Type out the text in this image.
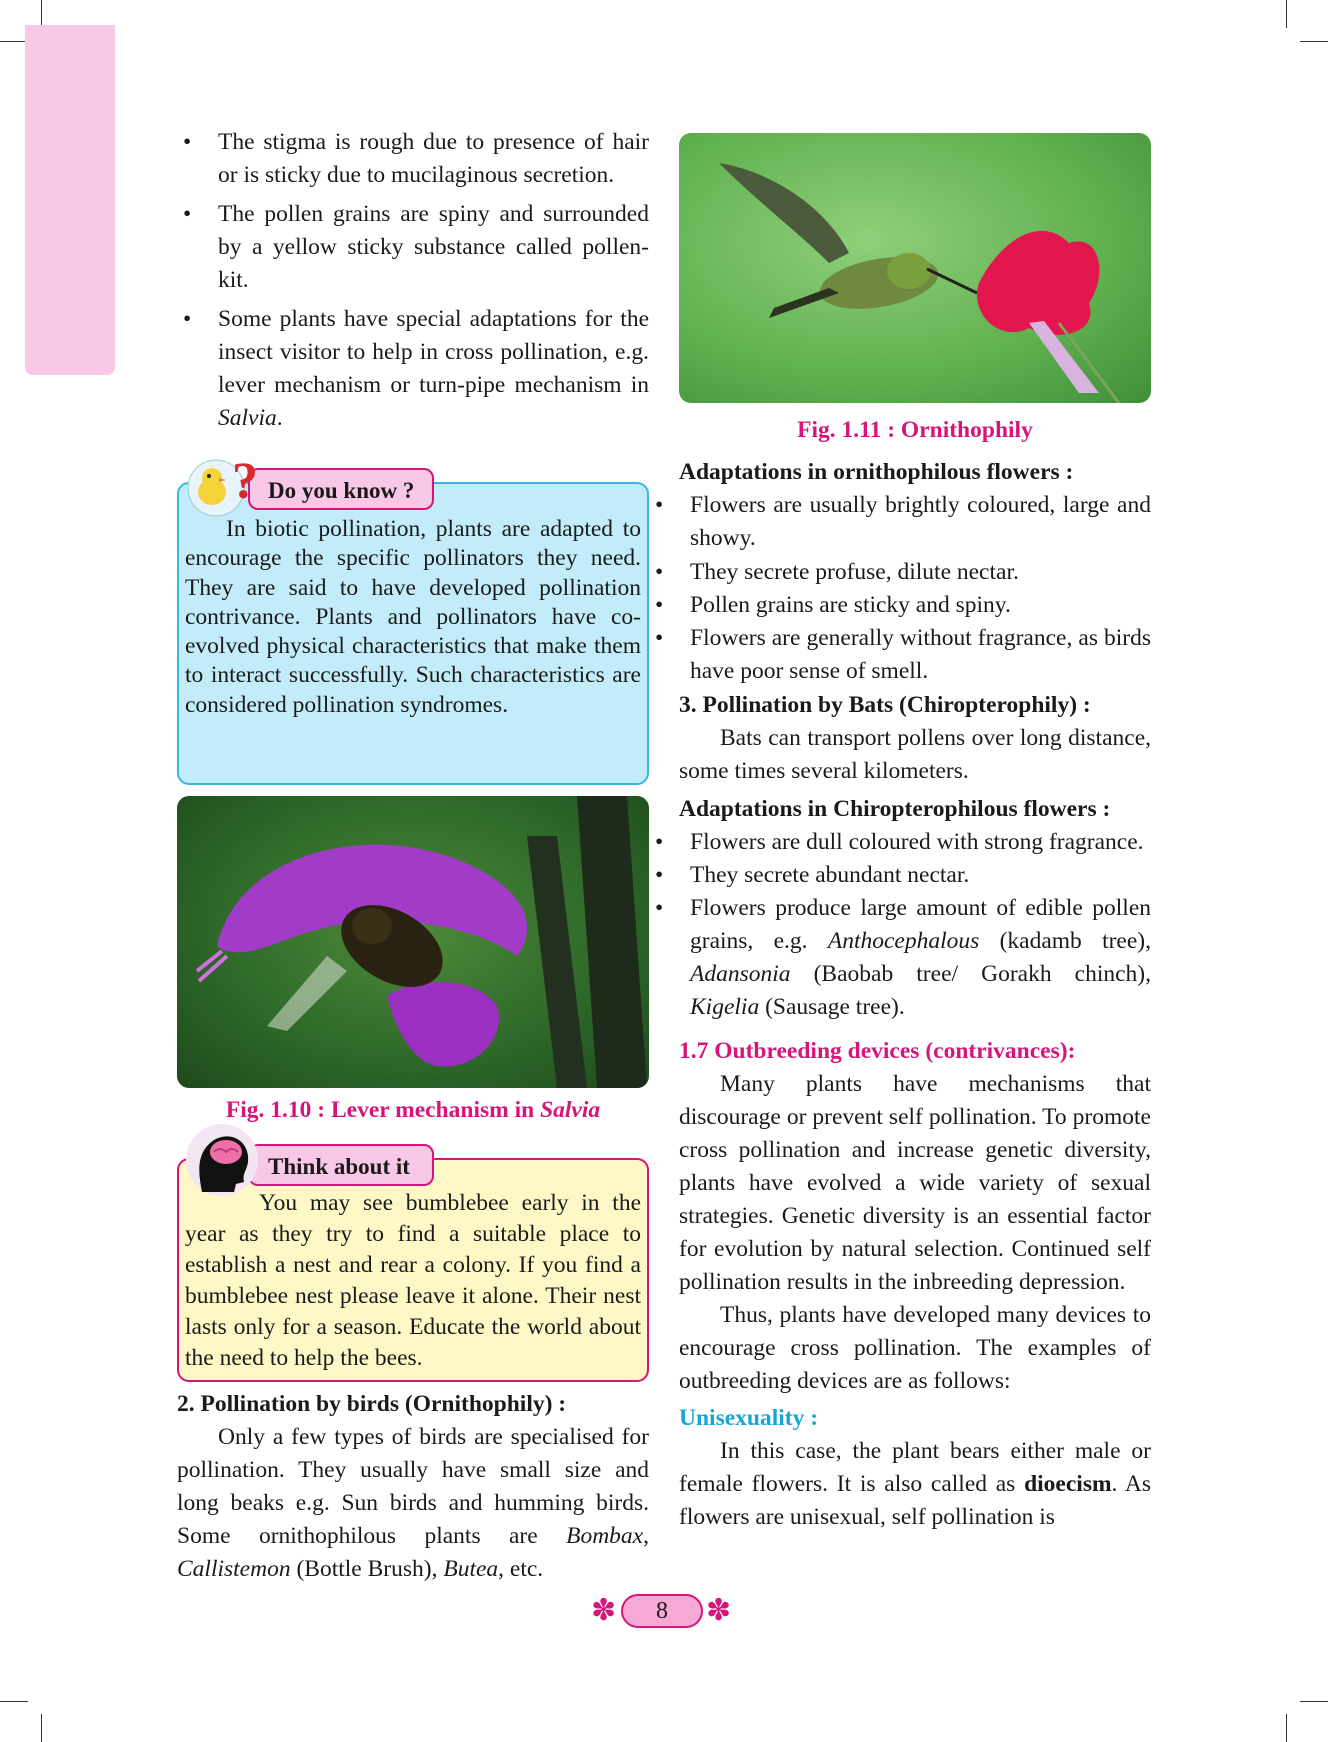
• The stigma is rough due to presence of hair or is sticky due to mucilaginous secretion.
• The pollen grains are spiny and surrounded by a yellow sticky substance called pollen-kit.
• Some plants have special adaptations for the insect visitor to help in cross pollination, e.g. lever mechanism or turn-pipe mechanism in Salvia.
Do you know ?
?

In biotic pollination, plants are adapted to encourage the specific pollinators they need. They are said to have developed pollination contrivance. Plants and pollinators have co-evolved physical characteristics that make them to interact successfully. Such characteristics are considered pollination syndromes.

Fig. 1.10 : Lever mechanism in Salvia

Think about it

You may see bumblebee early in the year as they try to find a suitable place to establish a nest and rear a colony. If you find a bumblebee nest please leave it alone. Their nest lasts only for a season. Educate the world about the need to help the bees.

2. Pollination by birds (Ornithophily) :

Only a few types of birds are specialised for pollination. They usually have small size and long beaks e.g. Sun birds and humming birds. Some ornithophilous plants are Bombax, Callistemon (Bottle Brush), Butea, etc.

Fig. 1.11 : Ornithophily

Adaptations in ornithophilous flowers :

• Flowers are usually brightly coloured, large and showy.
• They secrete profuse, dilute nectar.
• Pollen grains are sticky and spiny.
• Flowers are generally without fragrance, as birds have poor sense of smell.

3. Pollination by Bats (Chiropterophily) :

Bats can transport pollens over long distance, some times several kilometers.

Adaptations in Chiropterophilous flowers :

• Flowers are dull coloured with strong fragrance.
• They secrete abundant nectar.
• Flowers produce large amount of edible pollen grains, e.g. Anthocephalous (kadamb tree), Adansonia (Baobab tree/ Gorakh chinch), Kigelia (Sausage tree).

1.7 Outbreeding devices (contrivances):

Many plants have mechanisms that discourage or prevent self pollination. To promote cross pollination and increase genetic diversity, plants have evolved a wide variety of sexual strategies. Genetic diversity is an essential factor for evolution by natural selection. Continued self pollination results in the inbreeding depression.

Thus, plants have developed many devices to encourage cross pollination. The examples of outbreeding devices are as follows:

Unisexuality :

In this case, the plant bears either male or female flowers. It is also called as dioecism. As flowers are unisexual, self pollination is

✽	8	✽
